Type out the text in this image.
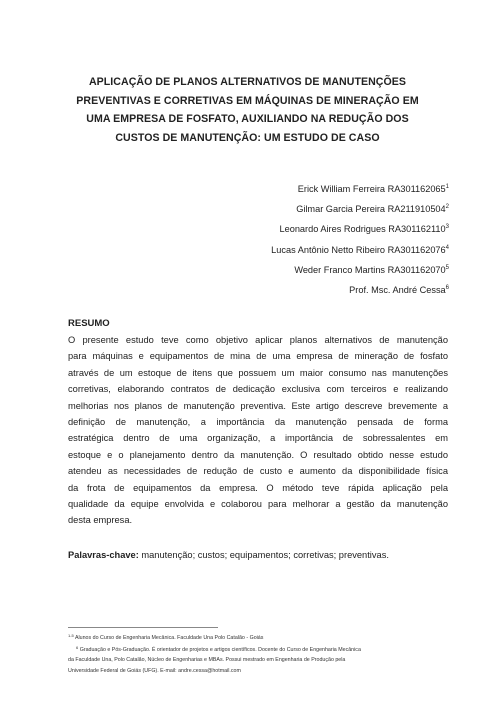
APLICAÇÃO DE PLANOS ALTERNATIVOS DE MANUTENÇÕES
PREVENTIVAS E CORRETIVAS EM MÁQUINAS DE MINERAÇÃO EM
UMA EMPRESA DE FOSFATO, AUXILIANDO NA REDUÇÃO DOS
CUSTOS DE MANUTENÇÃO: UM ESTUDO DE CASO
Erick William Ferreira RA301162065$^1$
Gilmar Garcia Pereira RA211910504$^2$
Leonardo Aires Rodrigues RA301162110$^3$
Lucas Antônio Netto Ribeiro RA301162076$^4$
Weder Franco Martins RA301162070$^5$
Prof. Msc. André Cessa$^6$
RESUMO

O presente estudo teve como objetivo aplicar planos alternativos de manutenção
para máquinas e equipamentos de mina de uma empresa de mineração de fosfato
através de um estoque de itens que possuem um maior consumo nas manutenções
corretivas, elaborando contratos de dedicação exclusiva com terceiros e realizando
melhorias nos planos de manutenção preventiva. Este artigo descreve brevemente a
definição de manutenção, a importância da manutenção pensada de forma
estratégica dentro de uma organização, a importância de sobressalentes em
estoque e o planejamento dentro da manutenção. O resultado obtido nesse estudo
atendeu as necessidades de redução de custo e aumento da disponibilidade física
da frota de equipamentos da empresa. O método teve rápida aplicação pela
qualidade da equipe envolvida e colaborou para melhorar a gestão da manutenção
desta empresa.

Palavras-chave: manutenção; custos; equipamentos; corretivas; preventivas.

$^{1-5}$ Alunos do Curso de Engenharia Mecânica. Faculdade Una Polo Catalão - Goiás
$^6$ Graduação e Pós-Graduação. É orientador de projetos e artigos científicos. Docente do Curso de Engenharia Mecânica
da Faculdade Una, Polo Catalão, Núcleo de Engenharias e MBAs. Possui mestrado em Engenharia de Produção pela
Universidade Federal de Goiás (UFG). E-mail: andre.cessa@hotmail.com
